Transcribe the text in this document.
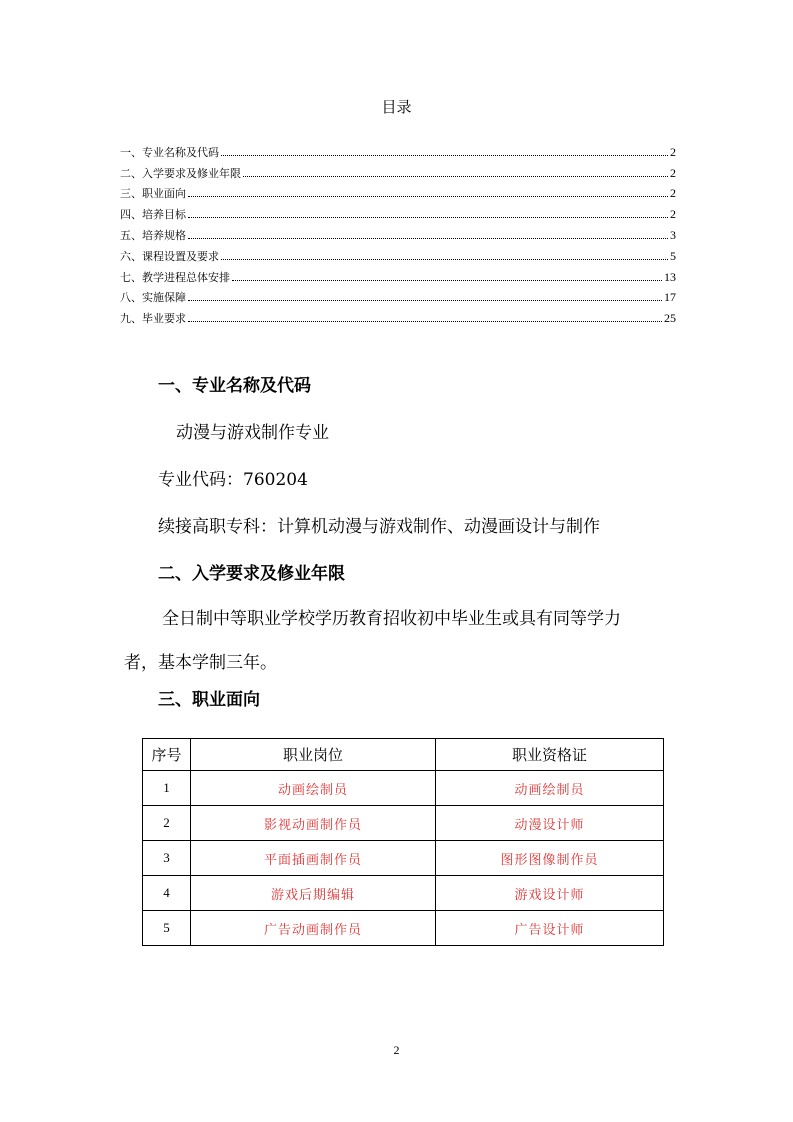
目录
一、专业名称及代码	2
二、入学要求及修业年限	2
三、职业面向	2
四、培养目标	2
五、培养规格	3
六、课程设置及要求	5
七、教学进程总体安排	13
八、实施保障	17
九、毕业要求	25
一、专业名称及代码
动漫与游戏制作专业
专业代码：760204
续接高职专科：计算机动漫与游戏制作、动漫画设计与制作
二、入学要求及修业年限
全日制中等职业学校学历教育招收初中毕业生或具有同等学力
者，基本学制三年。
三、职业面向
序号	职业岗位	职业资格证
1	动画绘制员	动画绘制员
2	影视动画制作员	动漫设计师
3	平面插画制作员	图形图像制作员
4	游戏后期编辑	游戏设计师
5	广告动画制作员	广告设计师
2
